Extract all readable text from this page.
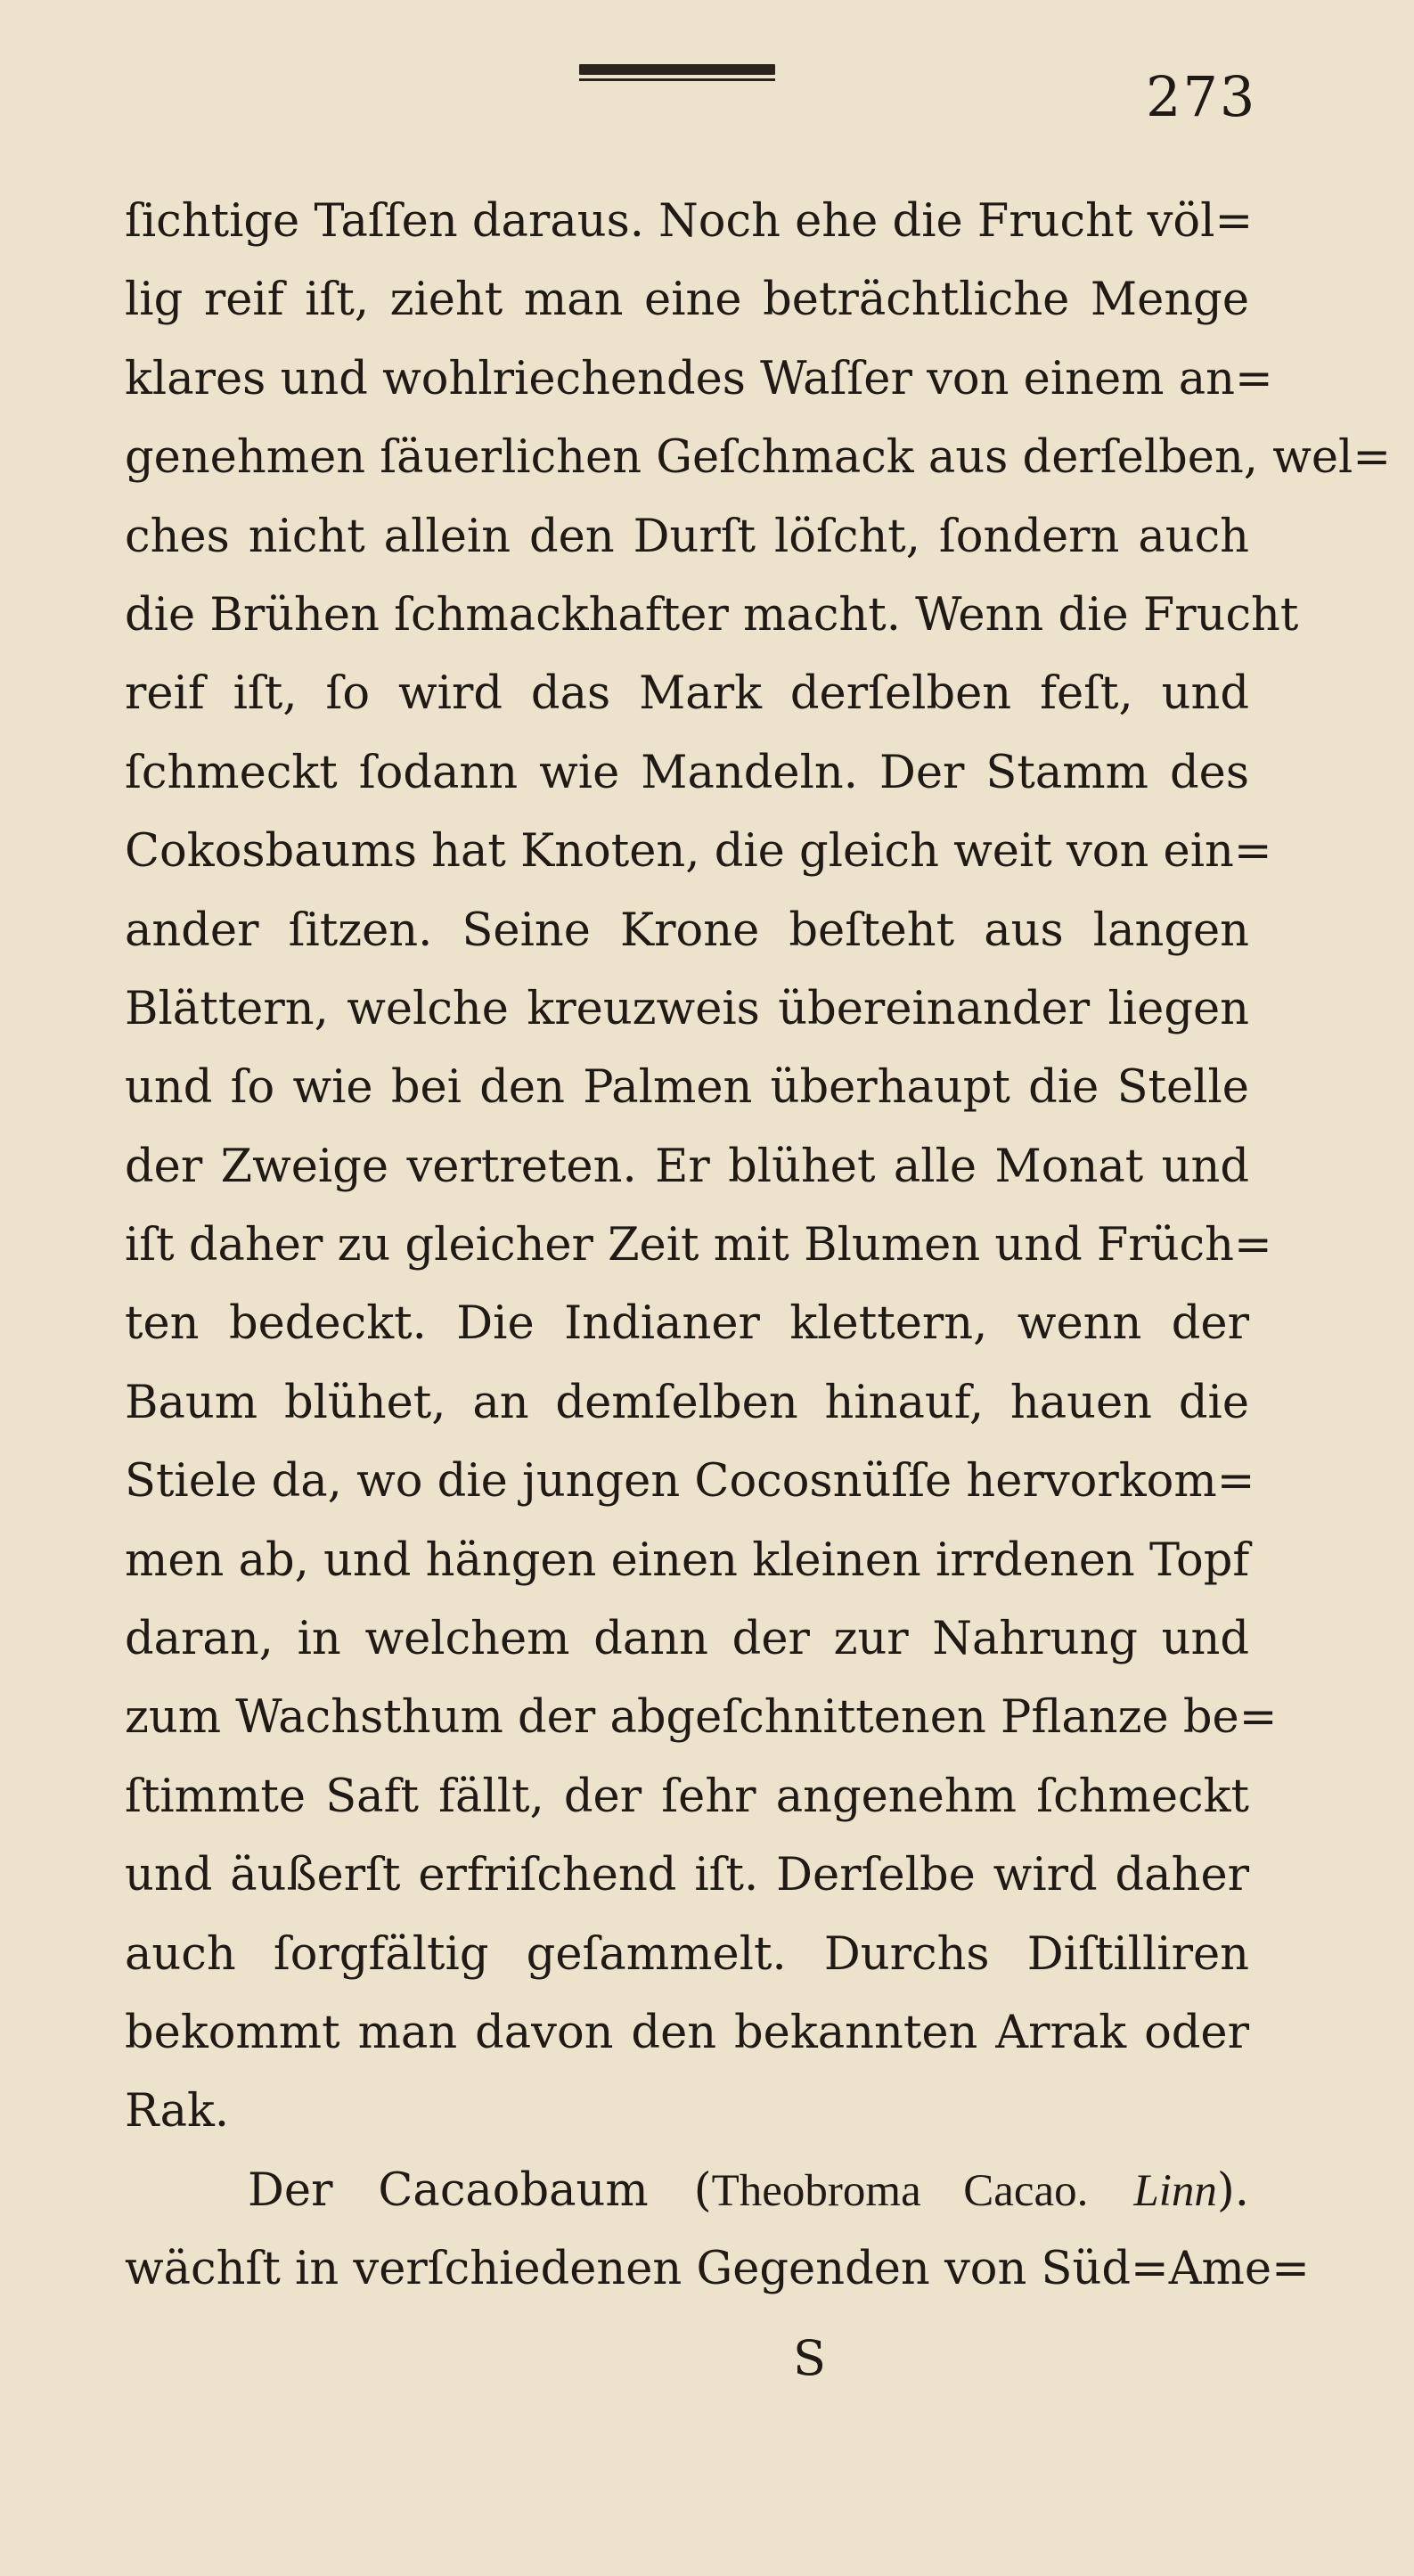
273
ſichtige Taſſen daraus. Noch ehe die Frucht völ=
lig reif iſt, zieht man eine beträchtliche Menge
klares und wohlriechendes Waſſer von einem an=
genehmen ſäuerlichen Geſchmack aus derſelben, wel=
ches nicht allein den Durſt löſcht, ſondern auch
die Brühen ſchmackhafter macht. Wenn die Frucht
reif iſt, ſo wird das Mark derſelben feſt, und
ſchmeckt ſodann wie Mandeln. Der Stamm des
Cokosbaums hat Knoten, die gleich weit von ein=
ander ſitzen. Seine Krone beſteht aus langen
Blättern, welche kreuzweis übereinander liegen
und ſo wie bei den Palmen überhaupt die Stelle
der Zweige vertreten. Er blühet alle Monat und
iſt daher zu gleicher Zeit mit Blumen und Früch=
ten bedeckt. Die Indianer klettern, wenn der
Baum blühet, an demſelben hinauf, hauen die
Stiele da, wo die jungen Cocosnüſſe hervorkom=
men ab, und hängen einen kleinen irrdenen Topf
daran, in welchem dann der zur Nahrung und
zum Wachsthum der abgeſchnittenen Pflanze be=
ſtimmte Saft fällt, der ſehr angenehm ſchmeckt
und äußerſt erfriſchend iſt. Derſelbe wird daher
auch ſorgfältig geſammelt. Durchs Diſtilliren
bekommt man davon den bekannten Arrak oder
Rak.
Der Cacaobaum (Theobroma Cacao. Linn).
wächſt in verſchiedenen Gegenden von Süd=Ame=
S
